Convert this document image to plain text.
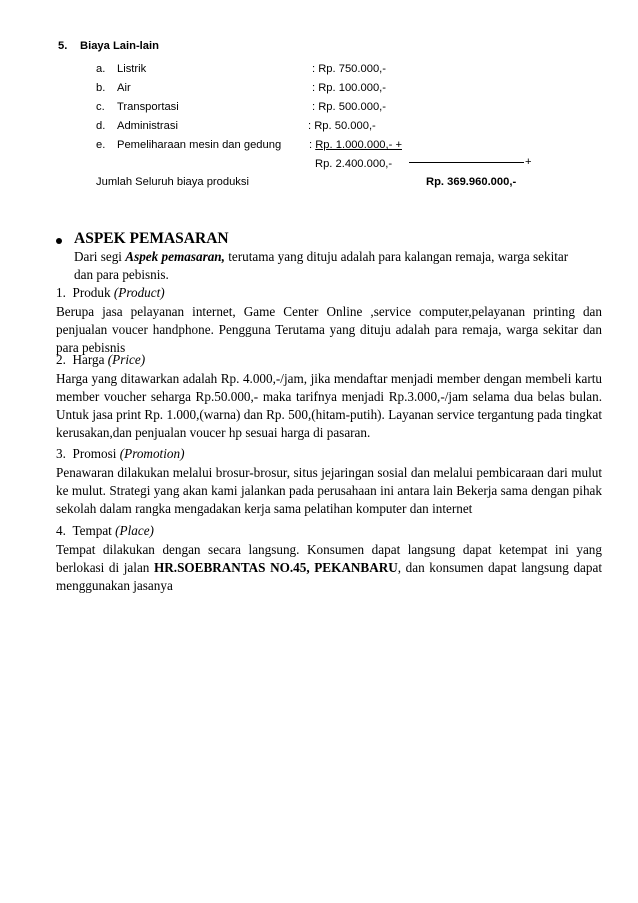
5. Biaya Lain-lain
a. Listrik	: Rp. 750.000,-
b. Air	: Rp. 100.000,-
c. Transportasi	: Rp. 500.000,-
d. Administrasi	: Rp. 50.000,-
e. Pemeliharaan mesin dan gedung : Rp. 1.000.000,- +
Rp. 2.400.000,-	+
Jumlah Seluruh biaya produksi	Rp. 369.960.000,-
ASPEK PEMASARAN
Dari segi Aspek pemasaran, terutama yang dituju adalah para kalangan remaja, warga sekitar
dan para pebisnis.
1. Produk (Product)
Berupa jasa pelayanan internet, Game Center Online ,service computer,pelayanan printing dan penjualan voucer handphone. Pengguna Terutama yang dituju adalah para remaja, warga sekitar dan para pebisnis
2. Harga (Price)
Harga yang ditawarkan adalah Rp. 4.000,-/jam, jika mendaftar menjadi member dengan membeli kartu member voucher seharga Rp.50.000,- maka tarifnya menjadi Rp.3.000,-/jam selama dua belas bulan. Untuk jasa print Rp. 1.000,(warna) dan Rp. 500,(hitam-putih). Layanan service tergantung pada tingkat kerusakan,dan penjualan voucer hp sesuai harga di pasaran.
3. Promosi (Promotion)
Penawaran dilakukan melalui brosur-brosur, situs jejaringan sosial dan melalui pembicaraan dari mulut ke mulut. Strategi yang akan kami jalankan pada perusahaan ini antara lain Bekerja sama dengan pihak sekolah dalam rangka mengadakan kerja sama pelatihan komputer dan internet
4. Tempat (Place)
Tempat dilakukan dengan secara langsung. Konsumen dapat langsung dapat ketempat ini yang berlokasi di jalan HR.SOEBRANTAS NO.45, PEKANBARU, dan konsumen dapat langsung dapat menggunakan jasanya
